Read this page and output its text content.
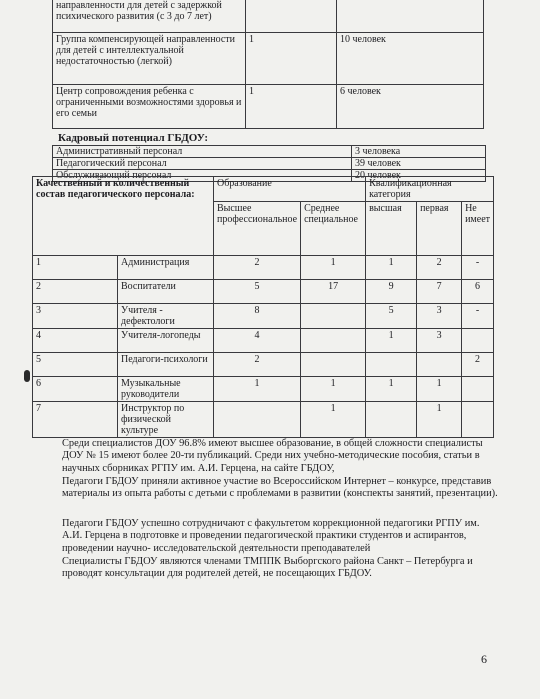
направленности для детей с задержкой психического развития (с 3 до 7 лет)		
Группа компенсирующей направленности для детей с интеллектуальной недостаточностью (легкой)	1	10 человек
Центр сопровождения ребенка с ограниченными возможностями здоровья и его семьи	1	6 человек
Кадровый потенциал ГБДОУ:
Административный персонал	3 человека
Педагогический персонал	39 человек
Обслуживающий персонал	20 человек
Качественный и количественный состав педагогического персонала:		Образование		Квалификационная категория		
		Высшее профессиональное	Среднее специальное	высшая	первая	Не имеет
1	Администрация	2	1	1	2	-
2	Воспитатели	5	17	9	7	6
3	Учителя - дефектологи	8		5	3	-
4	Учителя-логопеды	4		1	3	
5	Педагоги-психологи	2				2
6	Музыкальные руководители	1	1	1	1	
7	Инструктор по физической культуре		1		1	
Среди специалистов ДОУ 96.8% имеют высшее образование, в общей сложности специалисты ДОУ № 15 имеют более 20-ти публикаций. Среди них учебно-методические пособия, статьи в научных сборниках РГПУ им. А.И. Герцена, на сайте ГБДОУ,
Педагоги ГБДОУ приняли активное участие во Всероссийском Интернет – конкурсе, представив материалы из опыта работы с детьми с проблемами в развитии (конспекты занятий, презентации).
Педагоги ГБДОУ успешно сотрудничают с факультетом коррекционной педагогики РГПУ им. А.И. Герцена в подготовке и проведении педагогической практики студентов и аспирантов, проведении научно- исследовательской деятельности преподавателей
Специалисты ГБДОУ являются членами ТМППК Выборгского района Санкт – Петербурга и проводят консультации для родителей детей, не посещающих ГБДОУ.
6
